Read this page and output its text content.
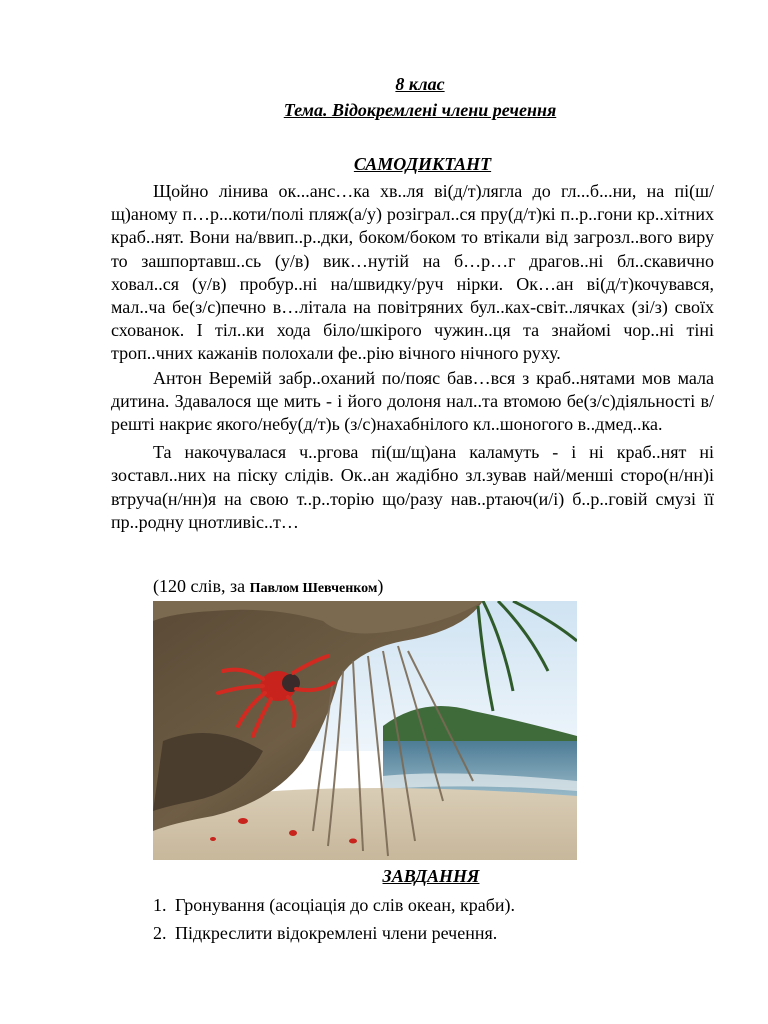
8 клас
Тема. Відокремлені члени речення
САМОДИКТАНТ

Щойно лінива ок...анс…ка хв..ля ві(д/т)лягла до гл...б...ни, на пі(ш/щ)аному п…р...коти/полі пляж(а/у) розіграл..ся пру(д/т)кі п..р..гони кр..хітних краб..нят. Вони на/ввип..р..дки, боком/боком то втікали від загрозл..вого виру то зашпортавш..сь (у/в) вик…нутій на б…р…г драгов..ні бл..скавично ховал..ся (у/в) пробур..ні на/швидку/руч нірки. Ок…ан ві(д/т)кочувався, мал..ча бе(з/с)печно в…літала на повітряних бул..ках-світ..лячках (зі/з) своїх схованок. І тіл..ки хода біло/шкірого чужин..ця та знайомі чор..ні тіні троп..чних кажанів полохали фе..рію вічного нічного руху.

Антон Веремій забр..оханий по/пояс бав…вся з краб..нятами мов мала дитина. Здавалося ще мить - і його долоня нал..та втомою бе(з/с)діяльності в/решті накриє якого/небу(д/т)ь (з/с)нахабнілого кл..шоногого в..дмед..ка.

Та накочувалася ч..ргова пі(ш/щ)ана каламуть - і ні краб..нят ні зоставл..них на піску слідів. Ок..ан жадібно зл.зував най/менші сторо(н/нн)і втруча(н/нн)я на свою т..р..торію що/разу нав..ртаюч(и/і) б..р..говій смузі її пр..родну цнотливіс..т…

(120 слів, за Павлом Шевченком)
ЗАВДАННЯ
1. Гронування (асоціація до слів океан, краби).
2. Підкреслити відокремлені члени речення.
